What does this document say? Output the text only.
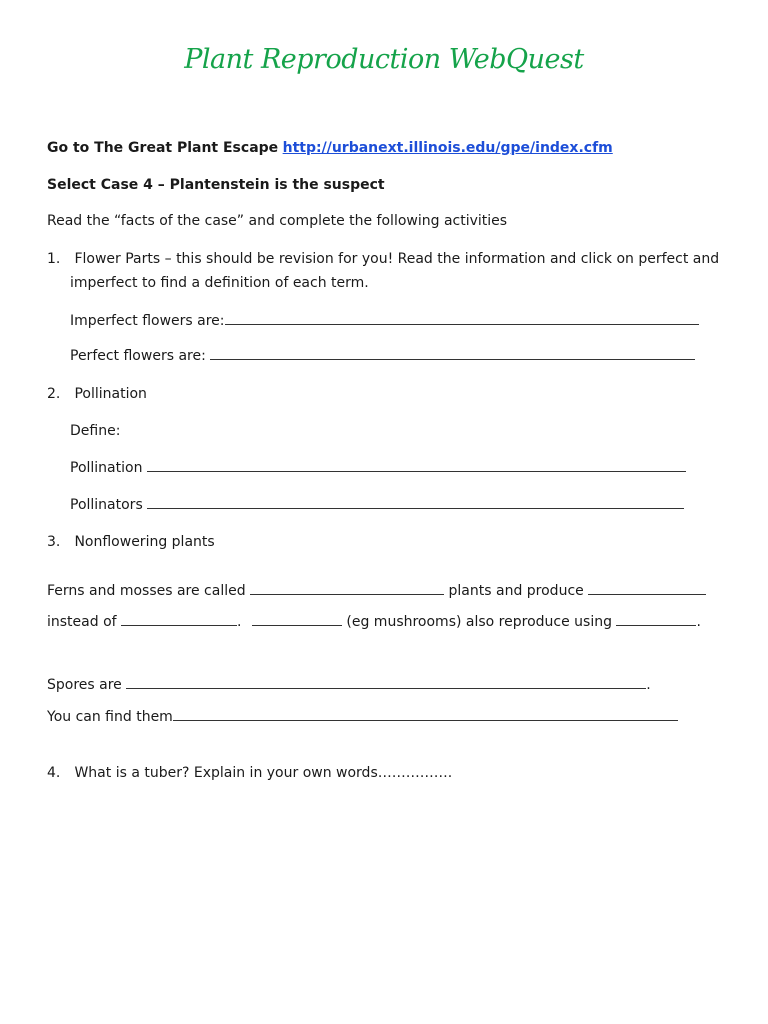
Plant Reproduction WebQuest
Go to The Great Plant Escape http://urbanext.illinois.edu/gpe/index.cfm
Select Case 4 – Plantenstein is the suspect
Read the “facts of the case” and complete the following activities
1. Flower Parts – this should be revision for you! Read the information and click on perfect and
imperfect to find a definition of each term.
Imperfect flowers are:
Perfect flowers are:
2. Pollination
Define:
Pollination
Pollinators
3. Nonflowering plants
Ferns and mosses are called	plants and produce
instead of	.	(eg mushrooms) also reproduce using	.
Spores are	.
You can find them
4. What is a tuber? Explain in your own words…………….
